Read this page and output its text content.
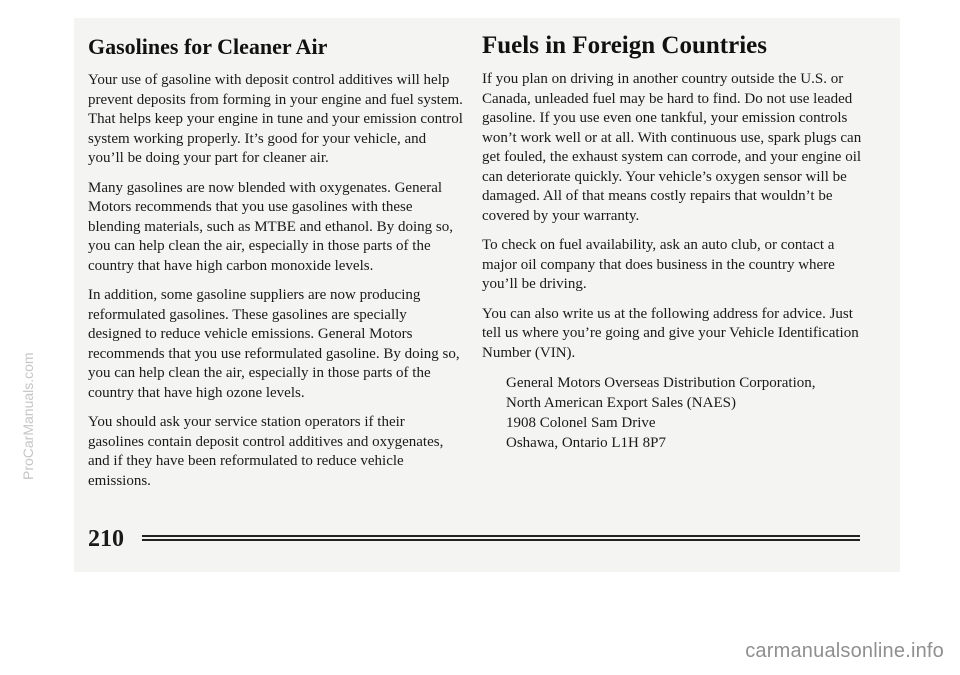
Gasolines for Cleaner Air

Your use of gasoline with deposit control additives will help prevent deposits from forming in your engine and fuel system. That helps keep your engine in tune and your emission control system working properly. It’s good for your vehicle, and you’ll be doing your part for cleaner air.

Many gasolines are now blended with oxygenates. General Motors recommends that you use gasolines with these blending materials, such as MTBE and ethanol. By doing so, you can help clean the air, especially in those parts of the country that have high carbon monoxide levels.

In addition, some gasoline suppliers are now producing reformulated gasolines. These gasolines are specially designed to reduce vehicle emissions. General Motors recommends that you use reformulated gasoline. By doing so, you can help clean the air, especially in those parts of the country that have high ozone levels.

You should ask your service station operators if their gasolines contain deposit control additives and oxygenates, and if they have been reformulated to reduce vehicle emissions.

Fuels in Foreign Countries

If you plan on driving in another country outside the U.S. or Canada, unleaded fuel may be hard to find. Do not use leaded gasoline. If you use even one tankful, your emission controls won’t work well or at all. With continuous use, spark plugs can get fouled, the exhaust system can corrode, and your engine oil can deteriorate quickly. Your vehicle’s oxygen sensor will be damaged. All of that means costly repairs that wouldn’t be covered by your warranty.

To check on fuel availability, ask an auto club, or contact a major oil company that does business in the country where you’ll be driving.

You can also write us at the following address for advice. Just tell us where you’re going and give your Vehicle Identification Number (VIN).

General Motors Overseas Distribution Corporation,
North American Export Sales (NAES)
1908 Colonel Sam Drive
Oshawa, Ontario L1H 8P7
210
ProCarManuals.com
carmanualsonline.info
